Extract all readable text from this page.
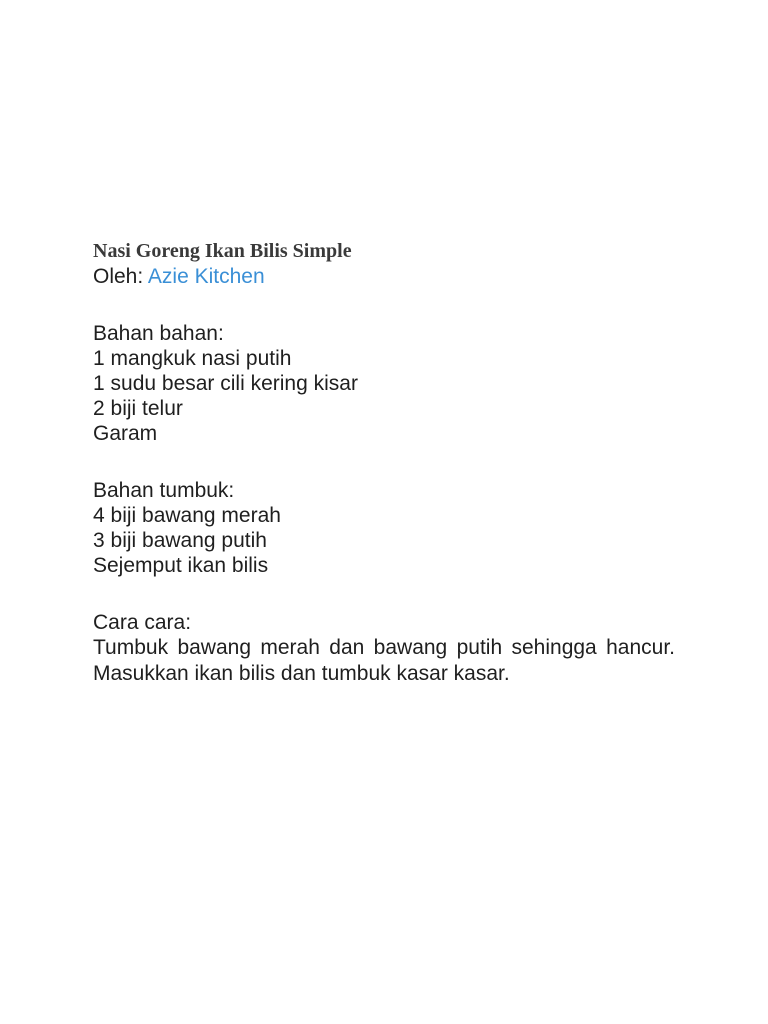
Nasi Goreng Ikan Bilis Simple

Oleh: Azie Kitchen

Bahan bahan:

1 mangkuk nasi putih

1 sudu besar cili kering kisar

2 biji telur

Garam

Bahan tumbuk:

4 biji bawang merah

3 biji bawang putih

Sejemput ikan bilis

Cara cara:

Tumbuk bawang merah dan bawang putih sehingga hancur. Masukkan ikan bilis dan tumbuk kasar kasar.
